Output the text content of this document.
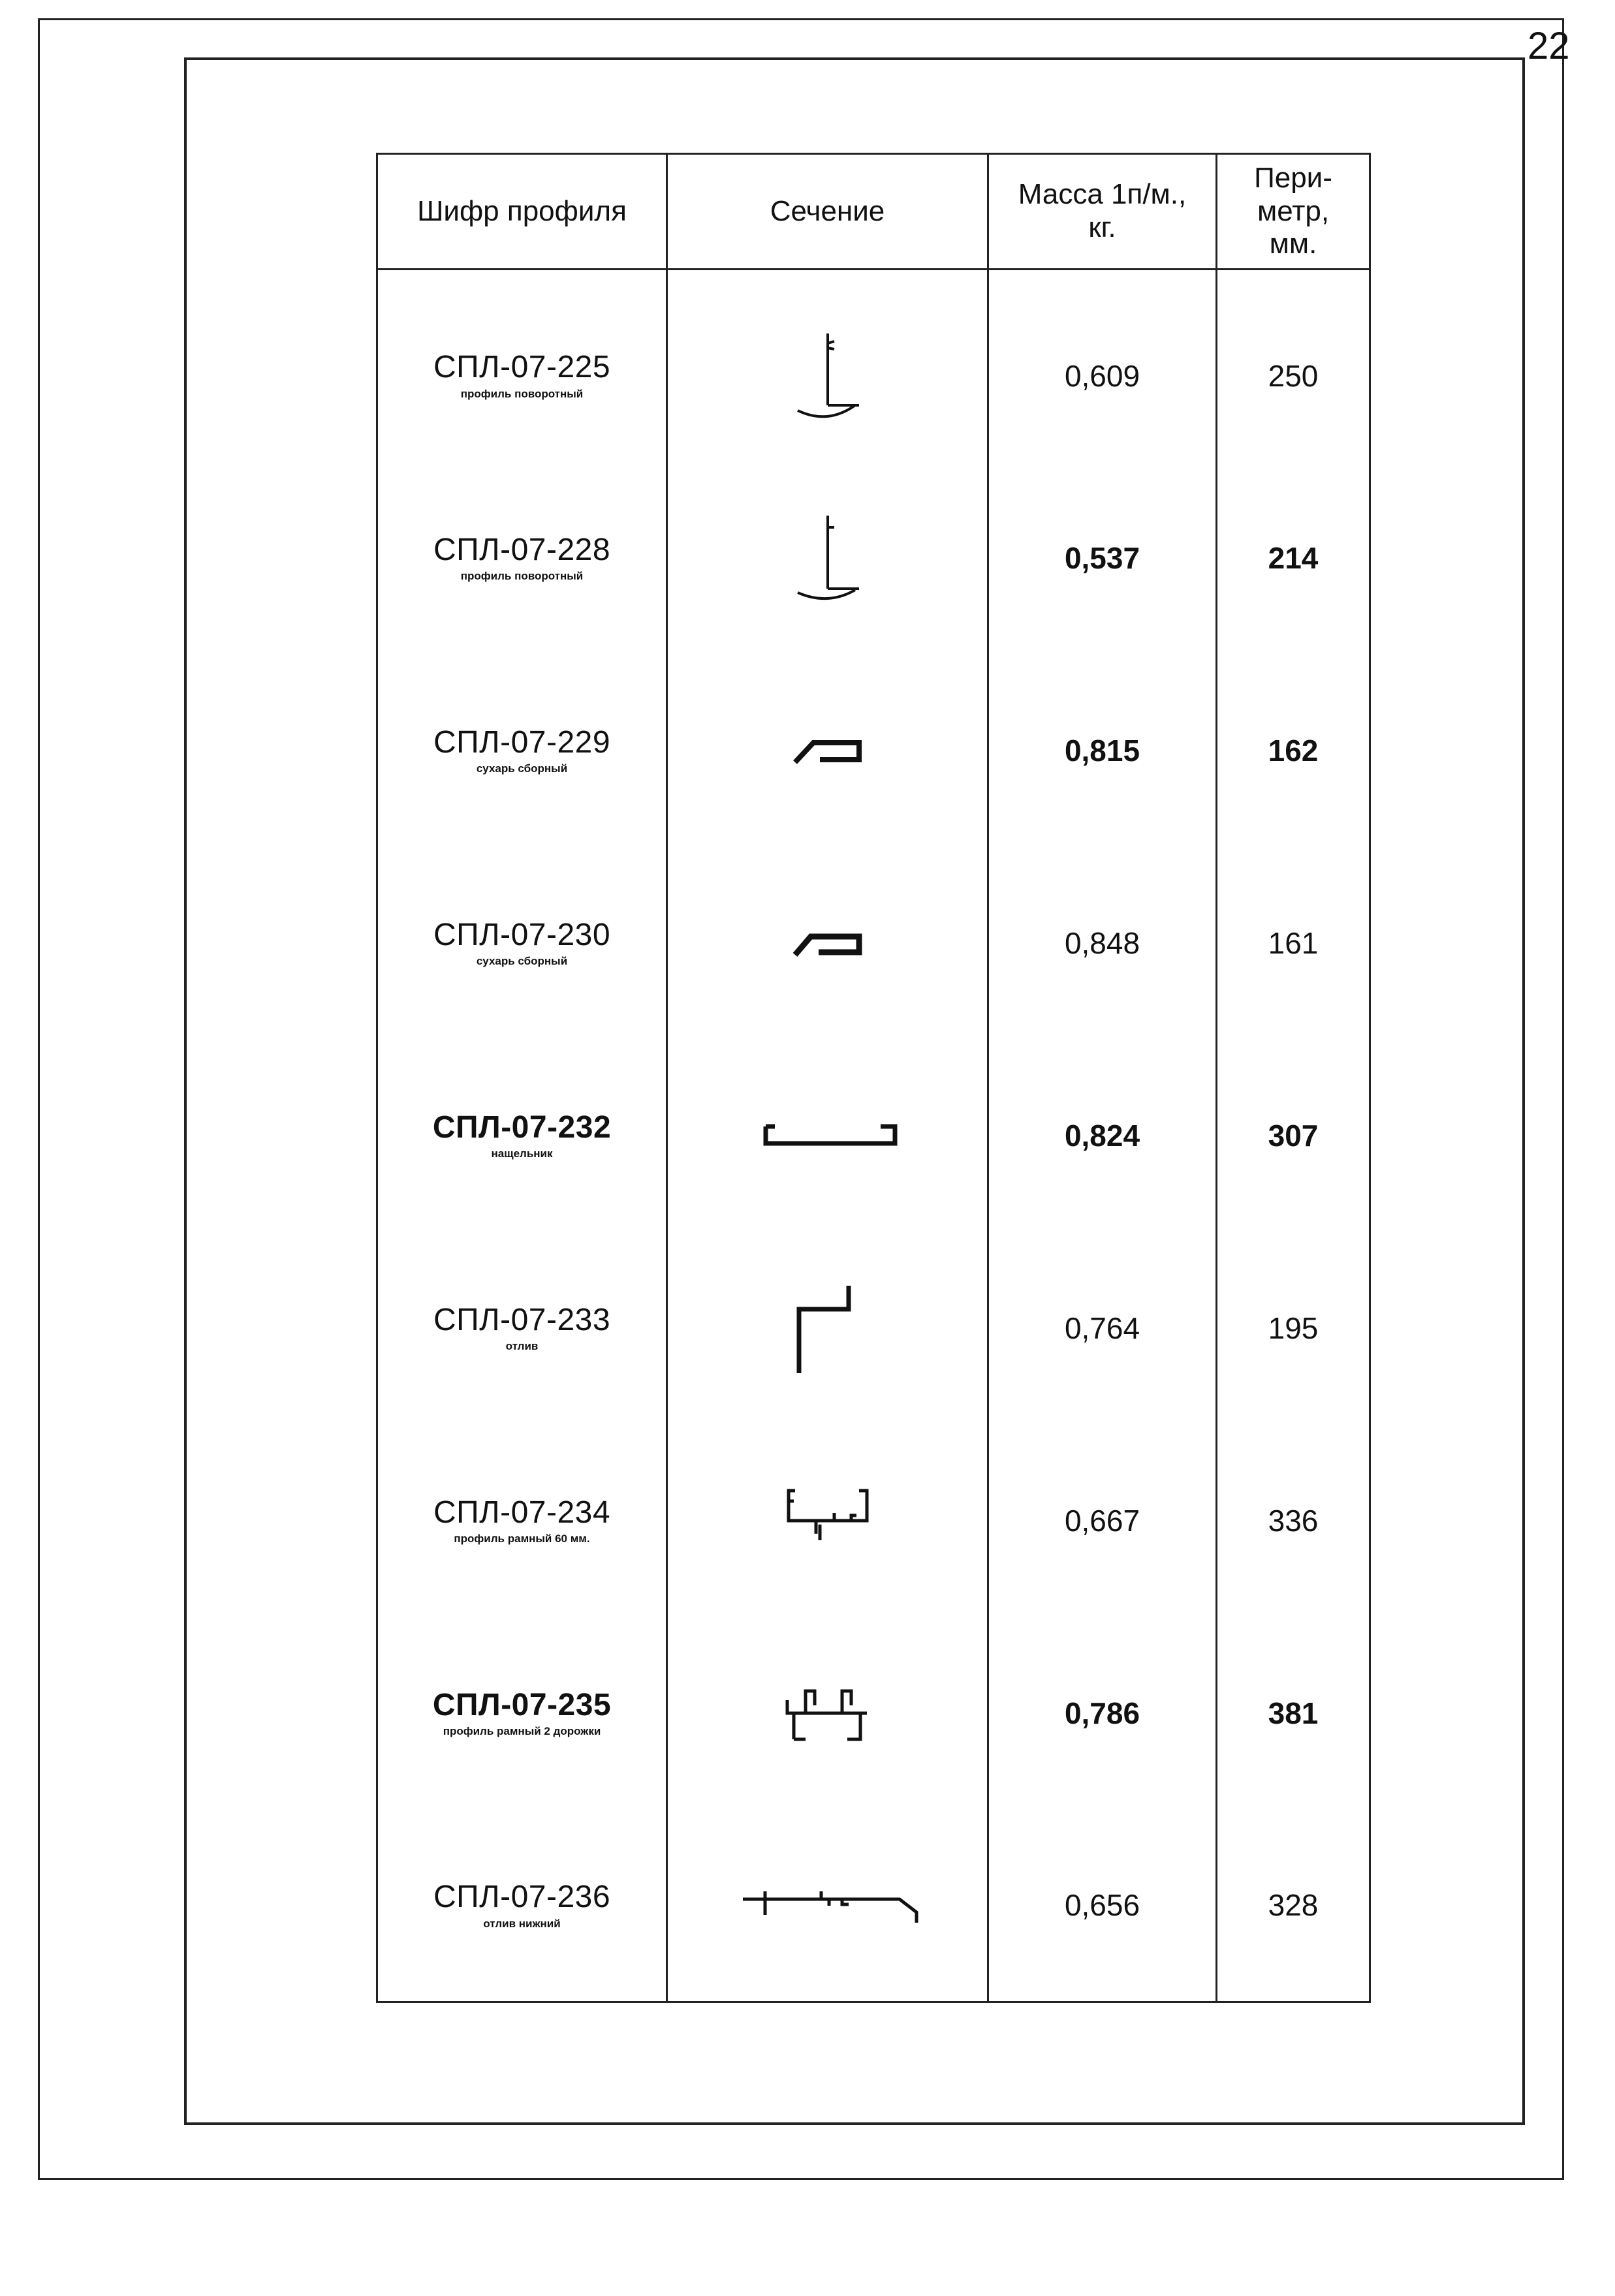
22
Шифр профиля	Сечение	Масса 1п/м., кг.	Пери- метр, мм.

СПЛ-07-225
профиль поворотный		0,609	250

СПЛ-07-228
профиль поворотный		0,537	214

СПЛ-07-229
сухарь сборный		0,815	162

СПЛ-07-230
сухарь сборный		0,848	161

СПЛ-07-232
нащельник		0,824	307

СПЛ-07-233
отлив		0,764	195

СПЛ-07-234
профиль рамный 60 мм.		0,667	336

СПЛ-07-235
профиль рамный 2 дорожки		0,786	381

СПЛ-07-236
отлив нижний		0,656	328
